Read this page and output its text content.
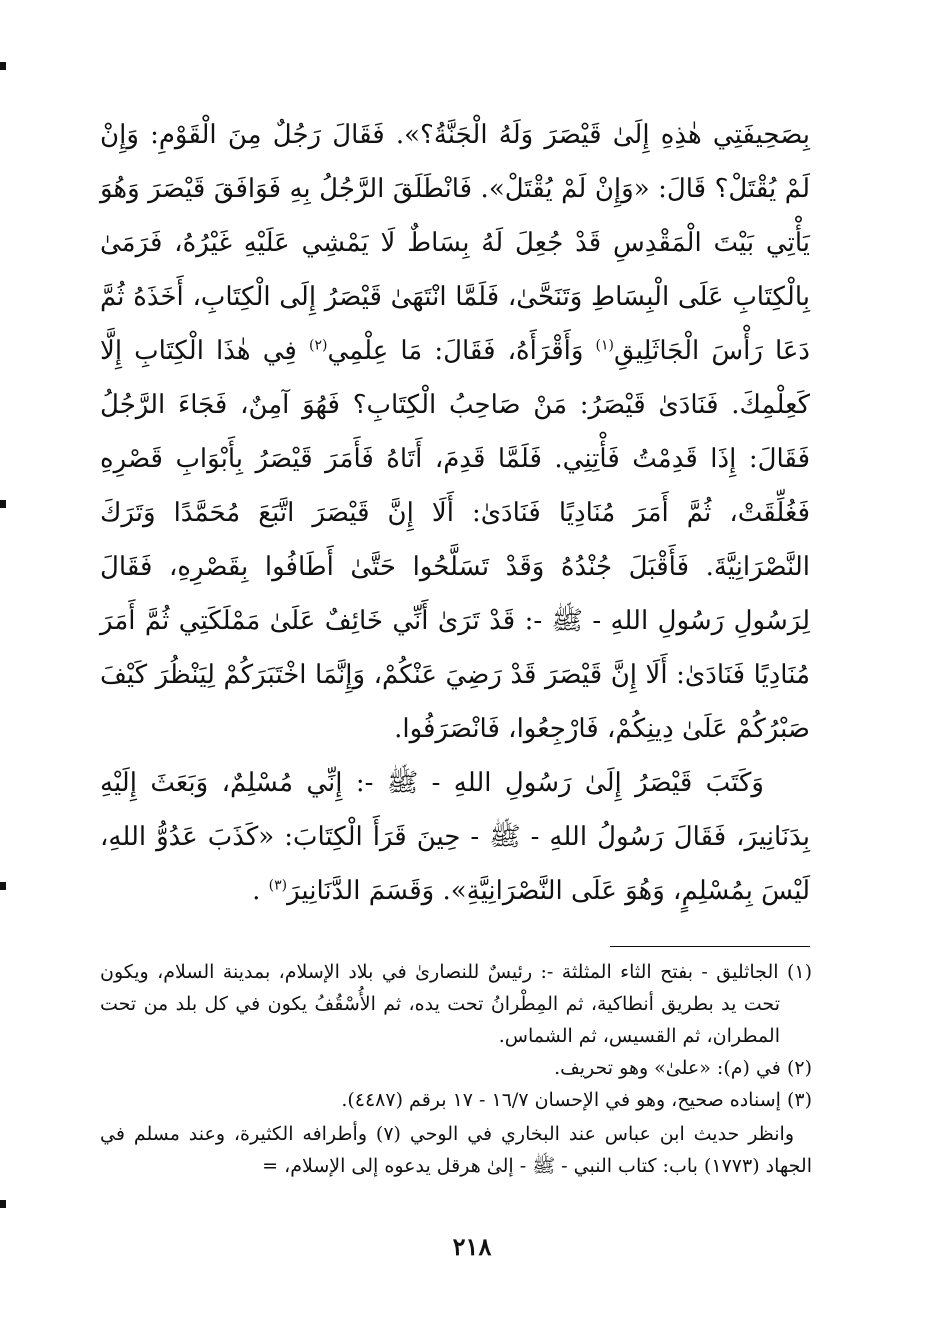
بِصَحِيفَتِي هٰذِهِ إِلَىٰ قَيْصَرَ وَلَهُ الْجَنَّةُ؟». فَقَالَ رَجُلٌ مِنَ الْقَوْمِ: وَإِنْ لَمْ يُقْتَلْ؟ قَالَ: «وَإِنْ لَمْ يُقْتَلْ». فَانْطَلَقَ الرَّجُلُ بِهِ فَوَافَقَ قَيْصَرَ وَهُوَ يَأْتِي بَيْتَ الْمَقْدِسِ قَدْ جُعِلَ لَهُ بِسَاطٌ لَا يَمْشِي عَلَيْهِ غَيْرُهُ، فَرَمَىٰ بِالْكِتَابِ عَلَى الْبِسَاطِ وَتَنَحَّىٰ، فَلَمَّا انْتَهَىٰ قَيْصَرُ إِلَى الْكِتَابِ، أَخَذَهُ ثُمَّ دَعَا رَأْسَ الْجَاثَلِيقِ$^{(١)}$ وَأَقْرَأَهُ، فَقَالَ: مَا عِلْمِي$^{(٢)}$ فِي هٰذَا الْكِتَابِ إِلَّا كَعِلْمِكَ. فَنَادَىٰ قَيْصَرُ: مَنْ صَاحِبُ الْكِتَابِ؟ فَهُوَ آمِنٌ، فَجَاءَ الرَّجُلُ فَقَالَ: إِذَا قَدِمْتُ فَأْتِنِي. فَلَمَّا قَدِمَ، أَتَاهُ فَأَمَرَ قَيْصَرُ بِأَبْوَابِ قَصْرِهِ فَغُلِّقَتْ، ثُمَّ أَمَرَ مُنَادِيًا فَنَادَىٰ: أَلَا إِنَّ قَيْصَرَ اتَّبَعَ مُحَمَّدًا وَتَرَكَ النَّصْرَانِيَّةَ. فَأَقْبَلَ جُنْدُهُ وَقَدْ تَسَلَّحُوا حَتَّىٰ أَطَافُوا بِقَصْرِهِ، فَقَالَ لِرَسُولِ رَسُولِ اللهِ - ﷺ -: قَدْ تَرَىٰ أَنِّي خَائِفٌ عَلَىٰ مَمْلَكَتِي ثُمَّ أَمَرَ مُنَادِيًا فَنَادَىٰ: أَلَا إِنَّ قَيْصَرَ قَدْ رَضِيَ عَنْكُمْ، وَإِنَّمَا اخْتَبَرَكُمْ لِيَنْظُرَ كَيْفَ صَبْرُكُمْ عَلَىٰ دِينِكُمْ، فَارْجِعُوا، فَانْصَرَفُوا.

وَكَتَبَ قَيْصَرُ إِلَىٰ رَسُولِ اللهِ - ﷺ -: إِنِّي مُسْلِمٌ، وَبَعَثَ إِلَيْهِ بِدَنَانِيرَ، فَقَالَ رَسُولُ اللهِ - ﷺ - حِينَ قَرَأَ الْكِتَابَ: «كَذَبَ عَدُوُّ اللهِ، لَيْسَ بِمُسْلِمٍ، وَهُوَ عَلَى النَّصْرَانِيَّةِ». وَقَسَمَ الدَّنَانِيرَ$^{(٣)}$ .

(١) الجاثليق - بفتح الثاء المثلثة -: رئيسٌ للنصارىٰ في بلاد الإسلام، بمدينة السلام، ويكون تحت يد بطريق أنطاكية، ثم المِطْرانُ تحت يده، ثم الأُسْقُفُ يكون في كل بلد من تحت المطران، ثم القسيس، ثم الشماس.

(٢) في (م): «علىٰ» وهو تحريف.

(٣) إسناده صحيح، وهو في الإحسان ١٦/٧ - ١٧ برقم (٤٤٨٧).

وانظر حديث ابن عباس عند البخاري في الوحي (٧) وأطرافه الكثيرة، وعند مسلم في الجهاد (١٧٧٣) باب: كتاب النبي - ﷺ - إلىٰ هرقل يدعوه إلى الإسلام، =

٢١٨
